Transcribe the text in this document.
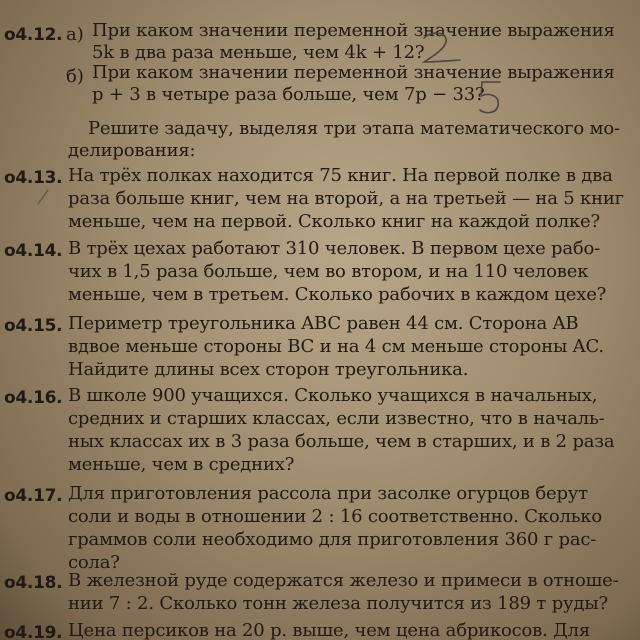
o4.12. а) При каком значении переменной значение выражения
5k в два раза меньше, чем 4k + 12?
б) При каком значении переменной значение выражения
p + 3 в четыре раза больше, чем 7p − 33?
Решите задачу, выделяя три этапа математического мо-
делирования:
o4.13. На трёх полках находится 75 книг. На первой полке в два
раза больше книг, чем на второй, а на третьей — на 5 книг
меньше, чем на первой. Сколько книг на каждой полке?
o4.14. В трёх цехах работают 310 человек. В первом цехе рабо-
чих в 1,5 раза больше, чем во втором, и на 110 человек
меньше, чем в третьем. Сколько рабочих в каждом цехе?
o4.15. Периметр треугольника ABC равен 44 см. Сторона AB
вдвое меньше стороны BC и на 4 см меньше стороны AC.
Найдите длины всех сторон треугольника.
o4.16. В школе 900 учащихся. Сколько учащихся в начальных,
средних и старших классах, если известно, что в началь-
ных классах их в 3 раза больше, чем в старших, и в 2 раза
меньше, чем в средних?
o4.17. Для приготовления рассола при засолке огурцов берут
соли и воды в отношении 2 : 16 соответственно. Сколько
граммов соли необходимо для приготовления 360 г рас-
сола?
o4.18. В железной руде содержатся железо и примеси в отноше-
нии 7 : 2. Сколько тонн железа получится из 189 т руды?
o4.19. Цена персиков на 20 р. выше, чем цена абрикосов. Для
